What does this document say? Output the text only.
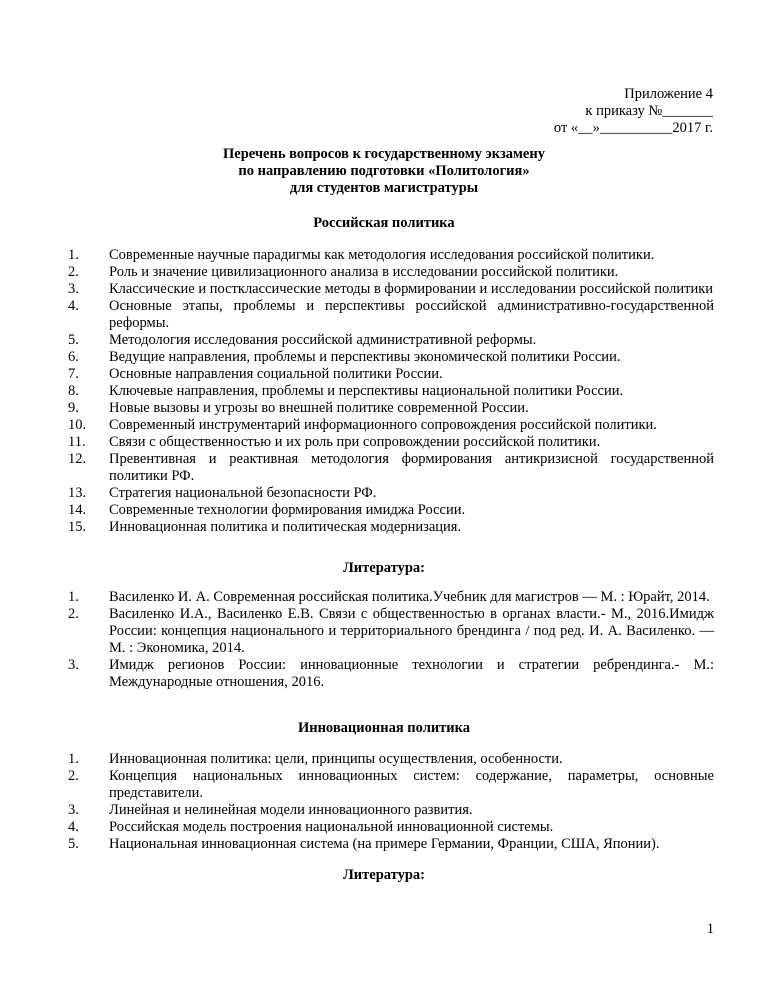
Приложение 4
к приказу №_______
от «__»__________2017 г.
Перечень вопросов к государственному экзамену
по направлению подготовки «Политология»
для студентов магистратуры
Российская политика
1. Современные научные парадигмы как методология исследования российской политики.
2. Роль и значение цивилизационного анализа в исследовании российской политики.
3. Классические и постклассические методы в формировании и исследовании российской политики
4. Основные этапы, проблемы и перспективы российской административно-государственной реформы.
5. Методология исследования российской административной реформы.
6. Ведущие направления, проблемы и перспективы экономической политики России.
7. Основные направления социальной политики России.
8. Ключевые направления, проблемы и перспективы национальной политики России.
9. Новые вызовы и угрозы во внешней политике современной России.
10. Современный инструментарий информационного сопровождения российской политики.
11. Связи с общественностью и их роль при сопровождении российской политики.
12. Превентивная и реактивная методология формирования антикризисной государственной политики РФ.
13. Стратегия национальной безопасности РФ.
14. Современные технологии формирования имиджа России.
15. Инновационная политика и политическая модернизация.
Литература:
1. Василенко И. А. Современная российская политика.Учебник для магистров — М. : Юрайт, 2014.
2. Василенко И.А., Василенко Е.В. Связи с общественностью в органах власти.- М., 2016.Имидж России: концепция национального и территориального брендинга / под ред. И. А. Василенко. — М. : Экономика, 2014.
3. Имидж регионов России: инновационные технологии и стратегии ребрендинга.- М.: Международные отношения, 2016.
Инновационная политика
1. Инновационная политика: цели, принципы осуществления, особенности.
2. Концепция национальных инновационных систем: содержание, параметры, основные представители.
3. Линейная и нелинейная модели инновационного развития.
4. Российская модель построения национальной инновационной системы.
5. Национальная инновационная система (на примере Германии, Франции, США, Японии).
Литература:
1
